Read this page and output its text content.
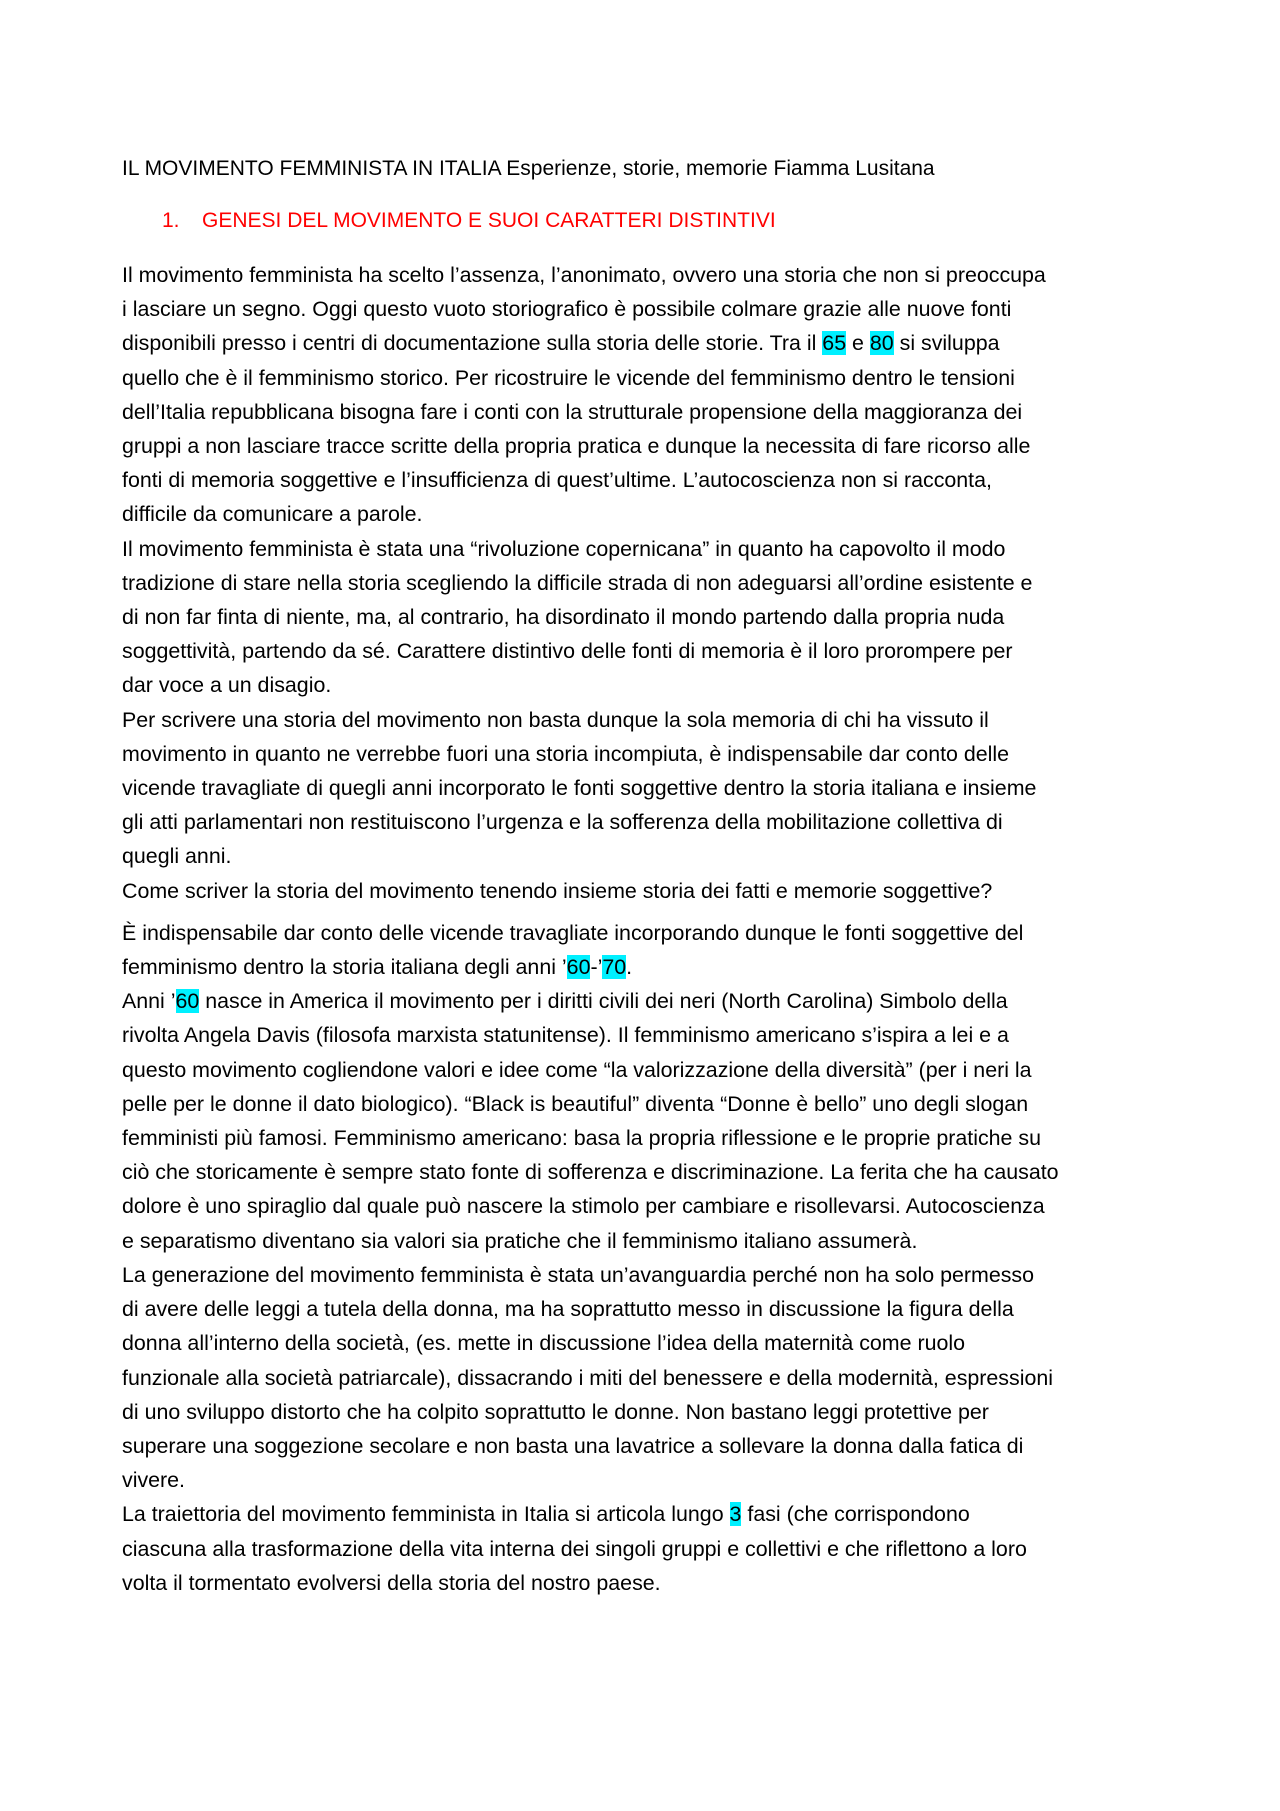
IL MOVIMENTO FEMMINISTA IN ITALIA Esperienze, storie, memorie Fiamma Lusitana
1. GENESI DEL MOVIMENTO E SUOI CARATTERI DISTINTIVI

Il movimento femminista ha scelto l’assenza, l’anonimato, ovvero una storia che non si preoccupa

i lasciare un segno. Oggi questo vuoto storiografico è possibile colmare grazie alle nuove fonti

disponibili presso i centri di documentazione sulla storia delle storie. Tra il 65 e 80 si sviluppa

quello che è il femminismo storico. Per ricostruire le vicende del femminismo dentro le tensioni

dell’Italia repubblicana bisogna fare i conti con la strutturale propensione della maggioranza dei

gruppi a non lasciare tracce scritte della propria pratica e dunque la necessita di fare ricorso alle

fonti di memoria soggettive e l’insufficienza di quest’ultime. L’autocoscienza non si racconta,

difficile da comunicare a parole.

Il movimento femminista è stata una “rivoluzione copernicana” in quanto ha capovolto il modo

tradizione di stare nella storia scegliendo la difficile strada di non adeguarsi all’ordine esistente e

di non far finta di niente, ma, al contrario, ha disordinato il mondo partendo dalla propria nuda

soggettività, partendo da sé. Carattere distintivo delle fonti di memoria è il loro prorompere per

dar voce a un disagio.

Per scrivere una storia del movimento non basta dunque la sola memoria di chi ha vissuto il

movimento in quanto ne verrebbe fuori una storia incompiuta, è indispensabile dar conto delle

vicende travagliate di quegli anni incorporato le fonti soggettive dentro la storia italiana e insieme

gli atti parlamentari non restituiscono l’urgenza e la sofferenza della mobilitazione collettiva di

quegli anni.

Come scriver la storia del movimento tenendo insieme storia dei fatti e memorie soggettive?

È indispensabile dar conto delle vicende travagliate incorporando dunque le fonti soggettive del

femminismo dentro la storia italiana degli anni ’60-’70.

Anni ’60 nasce in America il movimento per i diritti civili dei neri (North Carolina) Simbolo della

rivolta Angela Davis (filosofa marxista statunitense). Il femminismo americano s’ispira a lei e a

questo movimento cogliendone valori e idee come “la valorizzazione della diversità” (per i neri la

pelle per le donne il dato biologico). “Black is beautiful” diventa “Donne è bello” uno degli slogan

femministi più famosi. Femminismo americano: basa la propria riflessione e le proprie pratiche su

ciò che storicamente è sempre stato fonte di sofferenza e discriminazione. La ferita che ha causato

dolore è uno spiraglio dal quale può nascere la stimolo per cambiare e risollevarsi. Autocoscienza

e separatismo diventano sia valori sia pratiche che il femminismo italiano assumerà.

La generazione del movimento femminista è stata un’avanguardia perché non ha solo permesso

di avere delle leggi a tutela della donna, ma ha soprattutto messo in discussione la figura della

donna all’interno della società, (es. mette in discussione l’idea della maternità come ruolo

funzionale alla società patriarcale), dissacrando i miti del benessere e della modernità, espressioni

di uno sviluppo distorto che ha colpito soprattutto le donne. Non bastano leggi protettive per

superare una soggezione secolare e non basta una lavatrice a sollevare la donna dalla fatica di

vivere.

La traiettoria del movimento femminista in Italia si articola lungo 3 fasi (che corrispondono

ciascuna alla trasformazione della vita interna dei singoli gruppi e collettivi e che riflettono a loro

volta il tormentato evolversi della storia del nostro paese.
